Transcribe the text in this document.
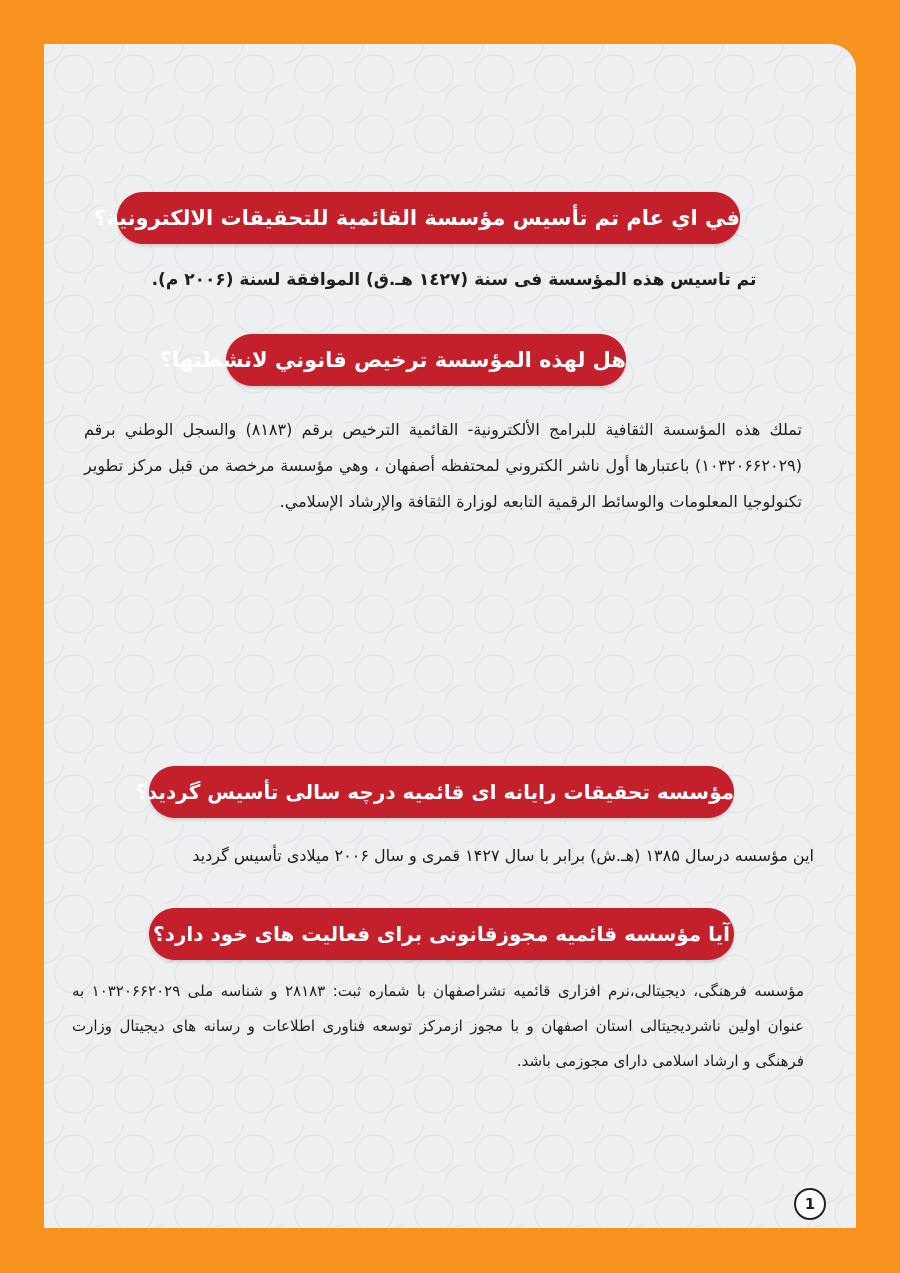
في اي عام تم تأسيس مؤسسة القائمية للتحقيقات الالكترونية؟
تم تاسيس هذه المؤسسة فى سنة (١٤٢٧ هـ.ق) الموافقة لسنة (٢٠٠۶ م).
هل لهذه المؤسسة ترخيص قانوني لانشطتها؟
تملك هذه المؤسسة الثقافية للبرامج الألكترونية- القائمية الترخيص برقم (٨١٨٣) والسجل الوطني برقم (١٠٣٢٠۶۶٢٠٢٩) باعتبارها أول ناشر الكتروني لمحتفظه أصفهان ، وهي مؤسسة مرخصة من قبل مركز تطوير تكنولوجيا المعلومات والوسائط الرقمية التابعه لوزارة الثقافة والإرشاد الإسلامي.
مؤسسه تحقیقات رایانه ای قائمیه درچه سالی تأسیس گردید؟
این مؤسسه درسال ۱۳۸۵ (هـ.ش) برابر با سال ۱۴۲۷ قمری و سال ۲۰۰۶ میلادی تأسیس گردید
آیا مؤسسه قائمیه مجوزقانونی برای فعالیت های خود دارد؟
مؤسسه فرهنگی، دیجیتالی،نرم افزاری قائمیه نشراصفهان با شماره ثبت: ۲۸۱۸۳ و شناسه ملی ۱۰۳۲۰۶۶۲۰۲۹ به عنوان اولین ناشردیجیتالی استان اصفهان و با مجوز ازمرکز توسعه فناوری اطلاعات و رسانه های دیجیتال وزارت فرهنگی و ارشاد اسلامی دارای مجوزمی باشد.
1
